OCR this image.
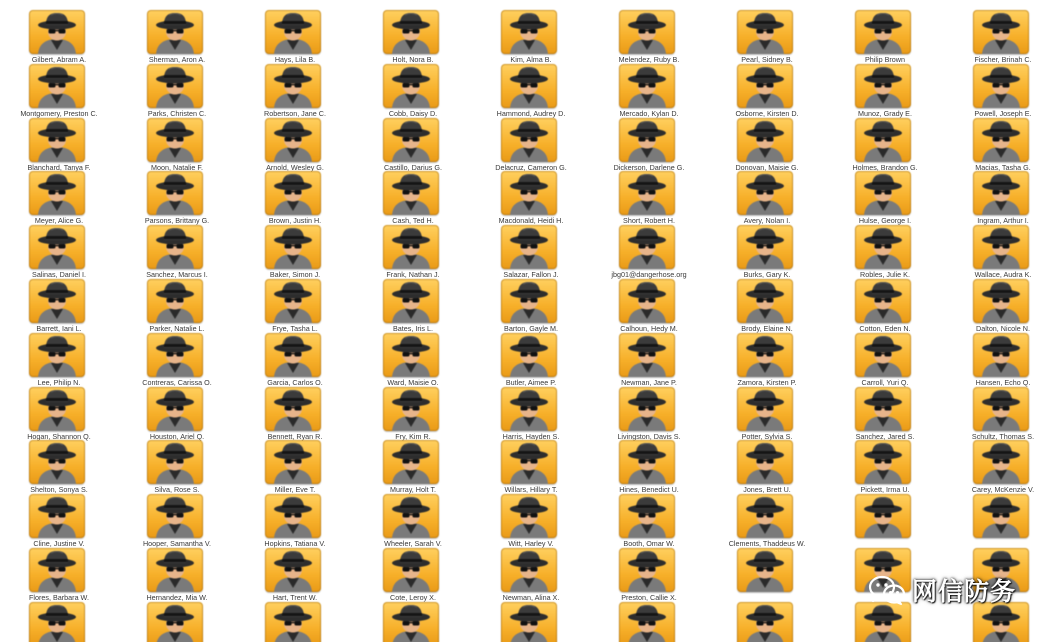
Gilbert, Abram A.	Sherman, Aron A.	Hays, Lila B.	Holt, Nora B.	Kim, Alma B.	Melendez, Ruby B.	Pearl, Sidney B.	Philip Brown	Fischer, Brinah C.
Montgomery, Preston C.	Parks, Christen C.	Robertson, Jane C.	Cobb, Daisy D.	Hammond, Audrey D.	Mercado, Kylan D.	Osborne, Kirsten D.	Munoz, Grady E.	Powell, Joseph E.
Blanchard, Tanya F.	Moon, Natalie F.	Arnold, Wesley G.	Castillo, Darius G.	Delacruz, Cameron G.	Dickerson, Darlene G.	Donovan, Maisie G.	Holmes, Brandon G.	Macias, Tasha G.
Meyer, Alice G.	Parsons, Brittany G.	Brown, Justin H.	Cash, Ted H.	Macdonald, Heidi H.	Short, Robert H.	Avery, Nolan I.	Hulse, George I.	Ingram, Arthur I.
Salinas, Daniel I.	Sanchez, Marcus I.	Baker, Simon J.	Frank, Nathan J.	Salazar, Fallon J.	jbg01@dangerhose.org	Burks, Gary K.	Robles, Julie K.	Wallace, Audra K.
Barrett, Iani L.	Parker, Natalie L.	Frye, Tasha L.	Bates, Iris L.	Barton, Gayle M.	Calhoun, Hedy M.	Brody, Elaine N.	Cotton, Eden N.	Dalton, Nicole N.
Lee, Philip N.	Contreras, Carissa O.	Garcia, Carlos O.	Ward, Maisie O.	Butler, Aimee P.	Newman, Jane P.	Zamora, Kirsten P.	Carroll, Yuri Q.	Hansen, Echo Q.
Hogan, Shannon Q.	Houston, Ariel Q.	Bennett, Ryan R.	Fry, Kim R.	Harris, Hayden S.	Livingston, Davis S.	Potter, Sylvia S.	Sanchez, Jared S.	Schultz, Thomas S.
Shelton, Sonya S.	Silva, Rose S.	Miller, Eve T.	Murray, Holt T.	Willars, Hillary T.	Hines, Benedict U.	Jones, Brett U.	Pickett, Irma U.	Carey, McKenzie V.
Cline, Justine V.	Hooper, Samantha V.	Hopkins, Tatiana V.	Wheeler, Sarah V.	Witt, Harley V.	Booth, Omar W.	Clements, Thaddeus W.
Flores, Barbara W.	Hernandez, Mia W.	Hart, Trent W.	Cote, Leroy X.	Newman, Alina X.	Preston, Callie X.	网信防务
